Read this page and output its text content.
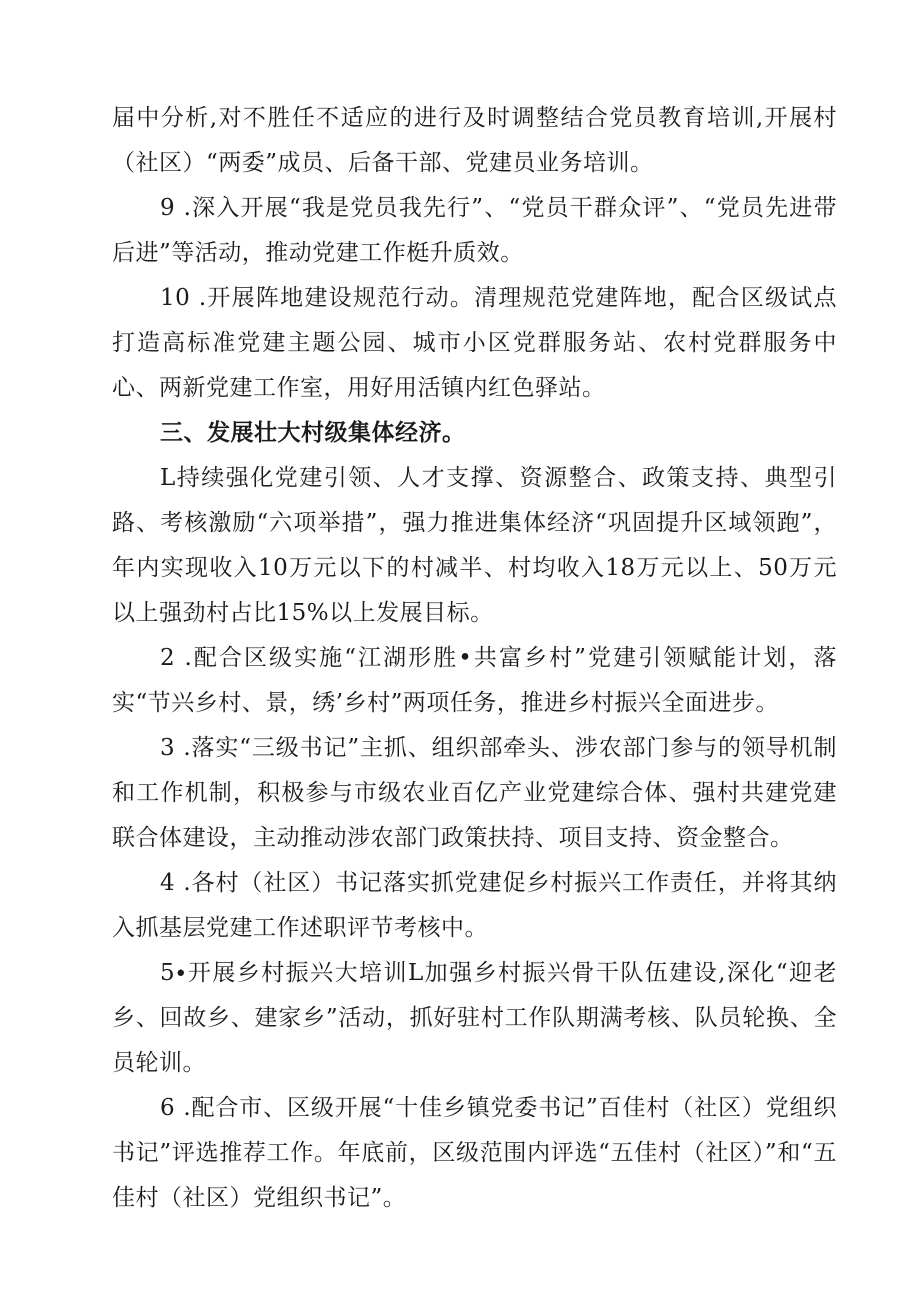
届中分析,对不胜任不适应的进行及时调整结合党员教育培训,开展村（社区）“两委”成员、后备干部、党建员业务培训。

9 .深入开展“我是党员我先行”、“党员干群众评”、“党员先进带后进”等活动，推动党建工作梃升质效。

10 .开展阵地建设规范行动。清理规范党建阵地，配合区级试点打造高标准党建主题公园、城市小区党群服务站、农村党群服务中心、两新党建工作室，用好用活镇内红色驿站。

三、发展壮大村级集体经济。

L持续强化党建引领、人才支撑、资源整合、政策支持、典型引路、考核激励“六项举措”，强力推进集体经济“巩固提升区域领跑”，年内实现收入10万元以下的村减半、村均收入18万元以上、50万元以上强劲村占比15%以上发展目标。

2 .配合区级实施“江湖形胜•共富乡村”党建引领赋能计划，落实“节兴乡村、景，绣’乡村”两项任务，推进乡村振兴全面进步。

3 .落实“三级书记”主抓、组织部牵头、涉农部门参与的领导机制和工作机制，积极参与市级农业百亿产业党建综合体、强村共建党建联合体建设，主动推动涉农部门政策扶持、项目支持、资金整合。

4 .各村（社区）书记落实抓党建促乡村振兴工作责任，并将其纳入抓基层党建工作述职评节考核中。

5∙开展乡村振兴大培训L加强乡村振兴骨干队伍建设,深化“迎老乡、回故乡、建家乡”活动，抓好驻村工作队期满考核、队员轮换、全员轮训。

6 .配合市、区级开展“十佳乡镇党委书记”百佳村（社区）党组织书记”评选推荐工作。年底前，区级范围内评选“五佳村（社区）”和“五佳村（社区）党组织书记”。
